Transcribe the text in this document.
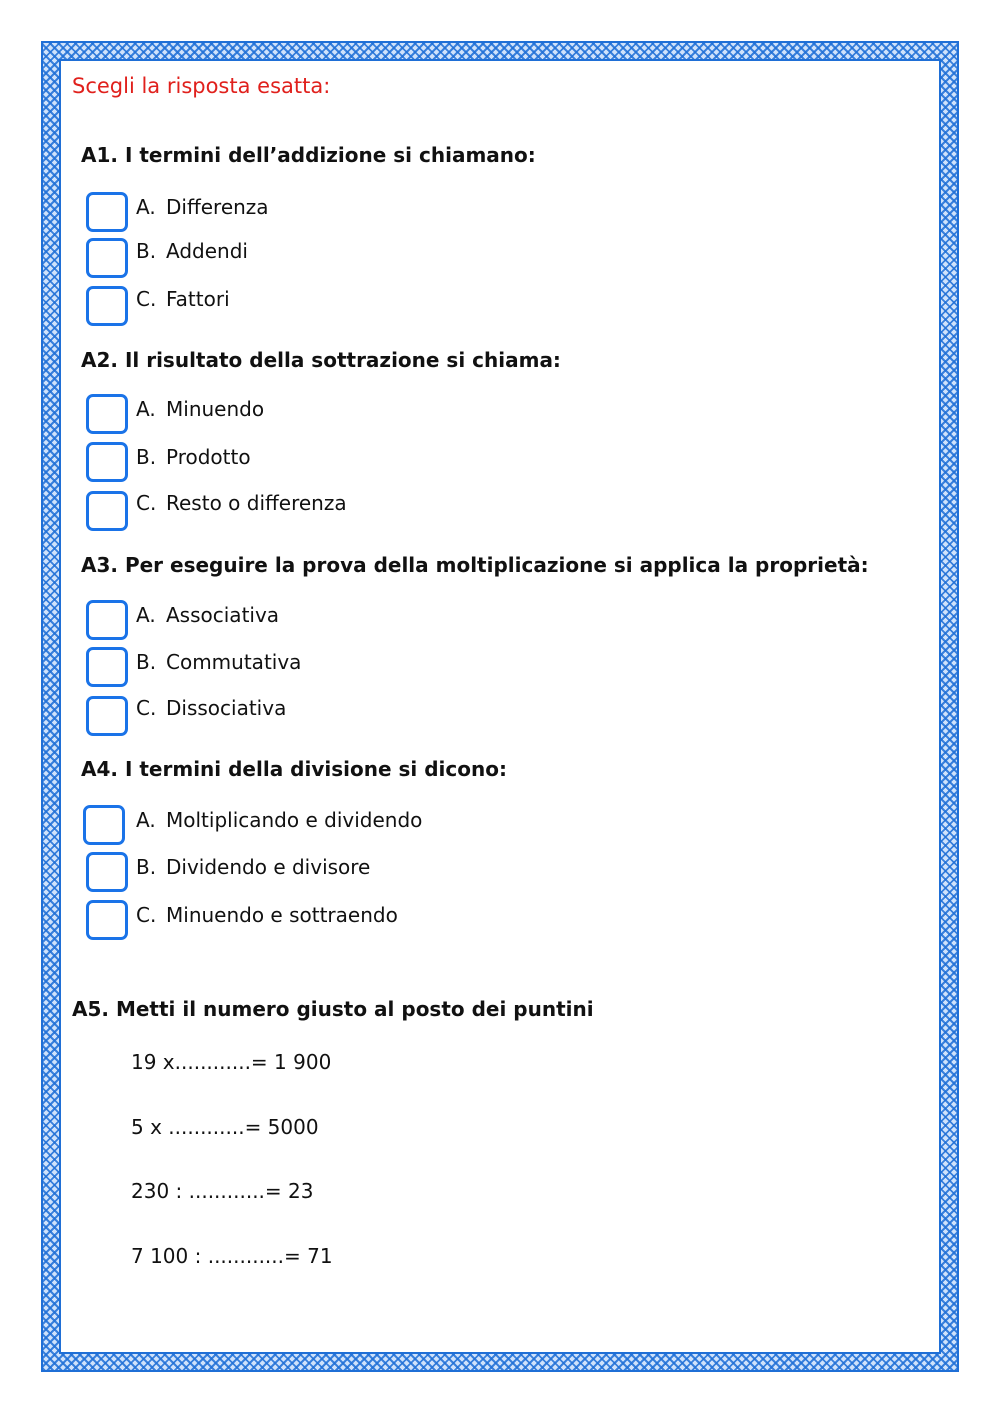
Scegli la risposta esatta:
A1. I termini dell’addizione si chiamano:
A. Differenza
B. Addendi
C. Fattori
A2. Il risultato della sottrazione si chiama:
A. Minuendo
B. Prodotto
C. Resto o differenza
A3. Per eseguire la prova della moltiplicazione si applica la proprietà:
A. Associativa
B. Commutativa
C. Dissociativa
A4. I termini della divisione si dicono:
A. Moltiplicando e dividendo
B. Dividendo e divisore
C. Minuendo e sottraendo
A5. Metti il numero giusto al posto dei puntini
19 x............= 1 900
5 x ............= 5000
230 : ............= 23
7 100 : ............= 71
